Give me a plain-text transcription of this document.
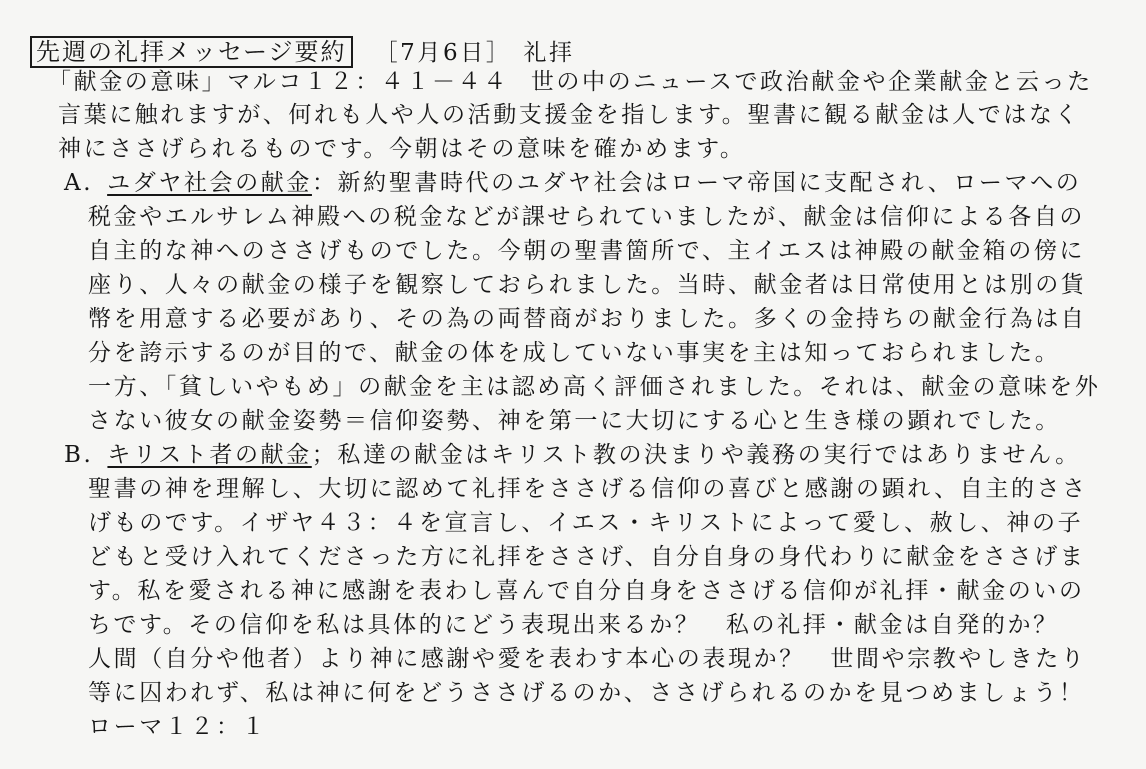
先週の礼拝メッセージ要約 ［7月6日］ 礼拝
「献金の意味」マルコ１２：４１－４４ 世の中のニュースで政治献金や企業献金と云った
言葉に触れますが、何れも人や人の活動支援金を指します。聖書に観る献金は人ではなく
神にささげられるものです。今朝はその意味を確かめます。
A. ユダヤ社会の献金：新約聖書時代のユダヤ社会はローマ帝国に支配され、ローマへの
税金やエルサレム神殿への税金などが課せられていましたが、献金は信仰による各自の
自主的な神へのささげものでした。今朝の聖書箇所で、主イエスは神殿の献金箱の傍に
座り、人々の献金の様子を観察しておられました。当時、献金者は日常使用とは別の貨
幣を用意する必要があり、その為の両替商がおりました。多くの金持ちの献金行為は自
分を誇示するのが目的で、献金の体を成していない事実を主は知っておられました。
一方、「貧しいやもめ」の献金を主は認め高く評価されました。それは、献金の意味を外
さない彼女の献金姿勢＝信仰姿勢、神を第一に大切にする心と生き様の顕れでした。
B. キリスト者の献金；私達の献金はキリスト教の決まりや義務の実行ではありません。
聖書の神を理解し、大切に認めて礼拝をささげる信仰の喜びと感謝の顕れ、自主的ささ
げものです。イザヤ４３：４を宣言し、イエス・キリストによって愛し、赦し、神の子
どもと受け入れてくださった方に礼拝をささげ、自分自身の身代わりに献金をささげま
す。私を愛される神に感謝を表わし喜んで自分自身をささげる信仰が礼拝・献金のいの
ちです。その信仰を私は具体的にどう表現出来るか？　私の礼拝・献金は自発的か？
人間（自分や他者）より神に感謝や愛を表わす本心の表現か？　世間や宗教やしきたり
等に囚われず、私は神に何をどうささげるのか、ささげられるのかを見つめましょう！
ローマ１２：１
